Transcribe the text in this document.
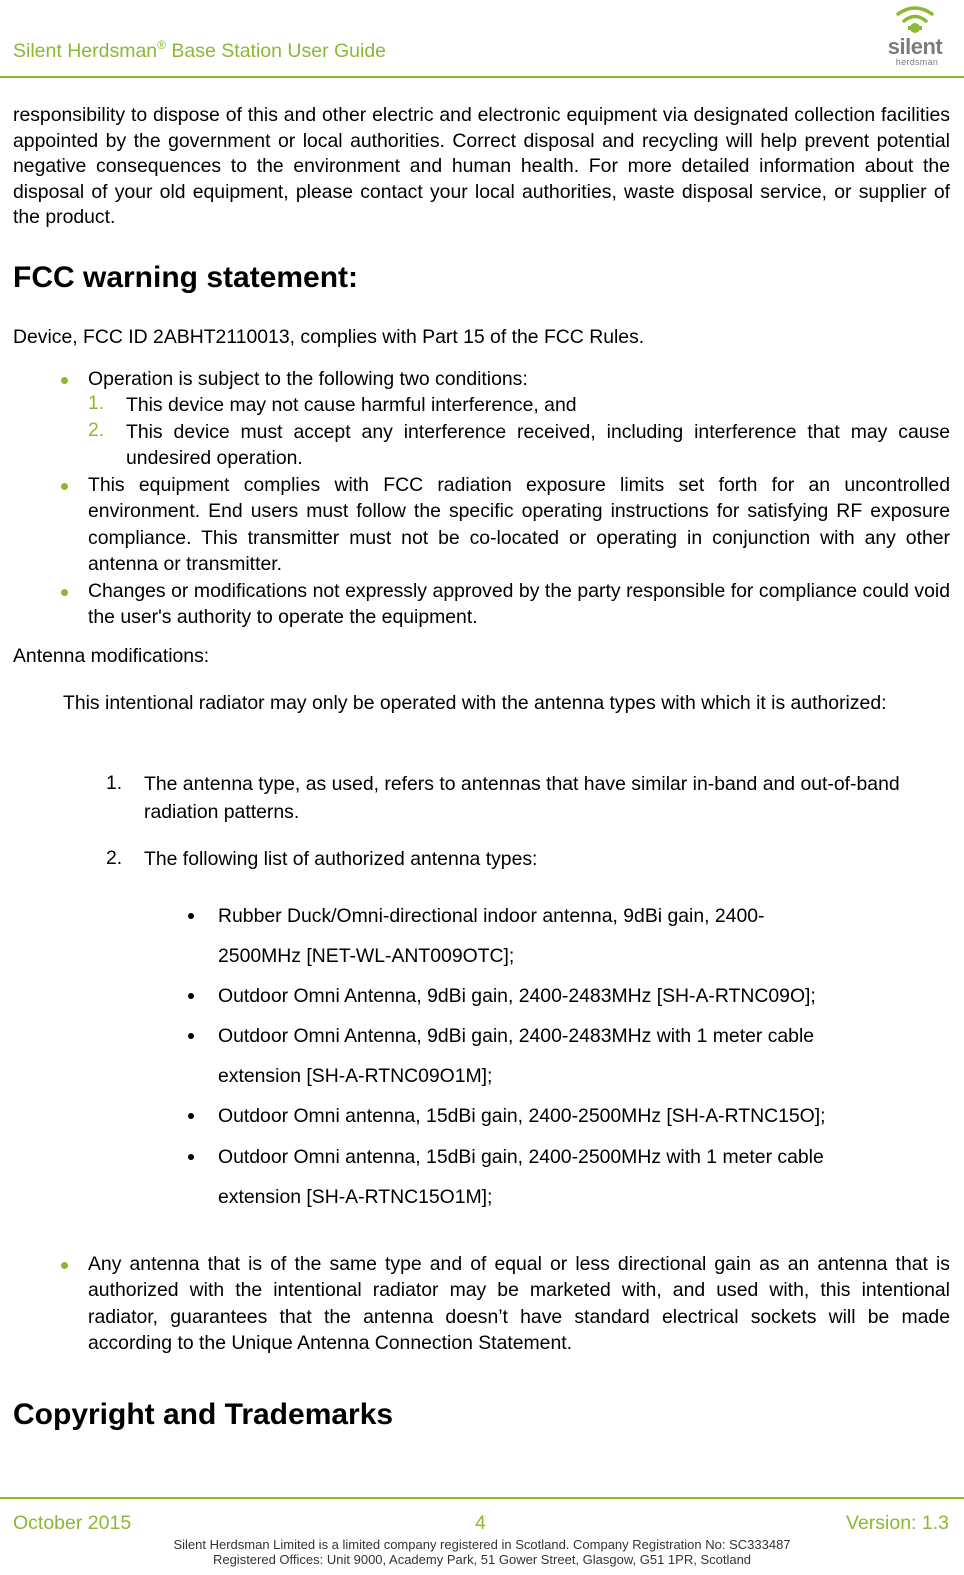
Silent Herdsman® Base Station User Guide	silent
herdsman

responsibility to dispose of this and other electric and electronic equipment via designated collection facilities appointed by the government or local authorities. Correct disposal and recycling will help prevent potential negative consequences to the environment and human health. For more detailed information about the disposal of your old equipment, please contact your local authorities, waste disposal service, or supplier of the product.

FCC warning statement:

Device, FCC ID 2ABHT2110013, complies with Part 15 of the FCC Rules.

Operation is subject to the following two conditions:

1. This device may not cause harmful interference, and

2. This device must accept any interference received, including interference that may cause undesired operation.

This equipment complies with FCC radiation exposure limits set forth for an uncontrolled environment. End users must follow the specific operating instructions for satisfying RF exposure compliance. This transmitter must not be co-located or operating in conjunction with any other antenna or transmitter.

Changes or modifications not expressly approved by the party responsible for compliance could void the user's authority to operate the equipment.

Antenna modifications:

This intentional radiator may only be operated with the antenna types with which it is authorized:

1. The antenna type, as used, refers to antennas that have similar in-band and out-of-band radiation patterns.

2. The following list of authorized antenna types:

Rubber Duck/Omni-directional indoor antenna, 9dBi gain, 2400-
2500MHz [NET-WL-ANT009OTC];
Outdoor Omni Antenna, 9dBi gain, 2400-2483MHz [SH-A-RTNC09O];
Outdoor Omni Antenna, 9dBi gain, 2400-2483MHz with 1 meter cable
extension [SH-A-RTNC09O1M];
Outdoor Omni antenna, 15dBi gain, 2400-2500MHz [SH-A-RTNC15O];
Outdoor Omni antenna, 15dBi gain, 2400-2500MHz with 1 meter cable
extension [SH-A-RTNC15O1M];

Any antenna that is of the same type and of equal or less directional gain as an antenna that is authorized with the intentional radiator may be marketed with, and used with, this intentional radiator, guarantees that the antenna doesn’t have standard electrical sockets will be made according to the Unique Antenna Connection Statement.

Copyright and Trademarks
October 2015	4	Version: 1.3

Silent Herdsman Limited is a limited company registered in Scotland. Company Registration No: SC333487

Registered Offices: Unit 9000, Academy Park, 51 Gower Street, Glasgow, G51 1PR, Scotland
